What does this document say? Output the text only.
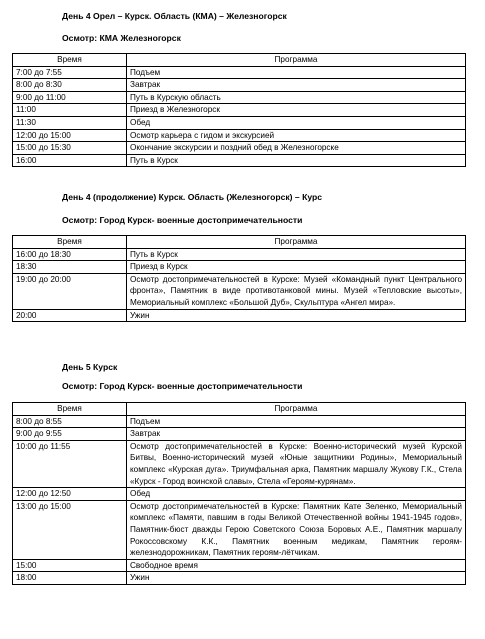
День 4 Орел – Курск. Область (КМА) – Железногорск
Осмотр: КМА Железногорск
Время	Программа
7:00 до 7:55	Подъем
8:00 до 8:30	Завтрак
9:00 до 11:00	Путь в Курскую область
11:00	Приезд в Железногорск
11:30	Обед
12:00 до 15:00	Осмотр карьера с гидом и экскурсией
15:00 до 15:30	Окончание экскурсии и поздний обед в Железногорске
16:00	Путь в Курск
День 4 (продолжение) Курск. Область (Железногорск) – Курс
Осмотр: Город Курск- военные достопримечательности
Время	Программа
16:00 до 18:30	Путь в Курск
18:30	Приезд в Курск
19:00 до 20:00	Осмотр достопримечательностей в Курске: Музей «Командный пункт Центрального фронта», Памятник в виде противотанковой мины. Музей «Тепловские высоты», Мемориальный комплекс «Большой Дуб», Скульптура «Ангел мира».
20:00	Ужин
День 5 Курск
Осмотр: Город Курск- военные достопримечательности
Время	Программа
8:00 до 8:55	Подъем
9:00 до 9:55	Завтрак
10:00 до 11:55	Осмотр достопримечательностей в Курске: Военно-исторический музей Курской Битвы, Военно-исторический музей «Юные защитники Родины», Мемориальный комплекс «Курская дуга». Триумфальная арка, Памятник маршалу Жукову Г.К., Стела «Курск - Город воинской славы», Стела «Героям-курянам».
12:00 до 12:50	Обед
13:00 до 15:00	Осмотр достопримечательностей в Курске: Памятник Кате Зеленко, Мемориальный комплекс «Памяти, павшим в годы Великой Отечественной войны 1941-1945 годов», Памятник-бюст дважды Герою Советского Союза Боровых А.Е., Памятник маршалу Рокоссовскому К.К., Памятник военным медикам, Памятник героям-железнодорожникам, Памятник героям-лётчикам.
15:00	Свободное время
18:00	Ужин
